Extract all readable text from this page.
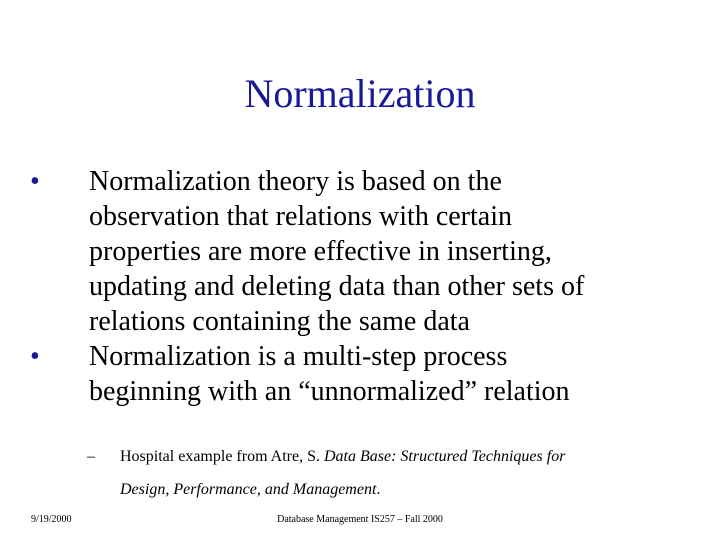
Normalization
•	Normalization theory is based on the
observation that relations with certain
properties are more effective in inserting,
updating and deleting data than other sets of
relations containing the same data
•	Normalization is a multi-step process
beginning with an “unnormalized” relation
–	Hospital example from Atre, S. Data Base: Structured Techniques for
Design, Performance, and Management.
9/19/2000	Database Management IS257 – Fall 2000
